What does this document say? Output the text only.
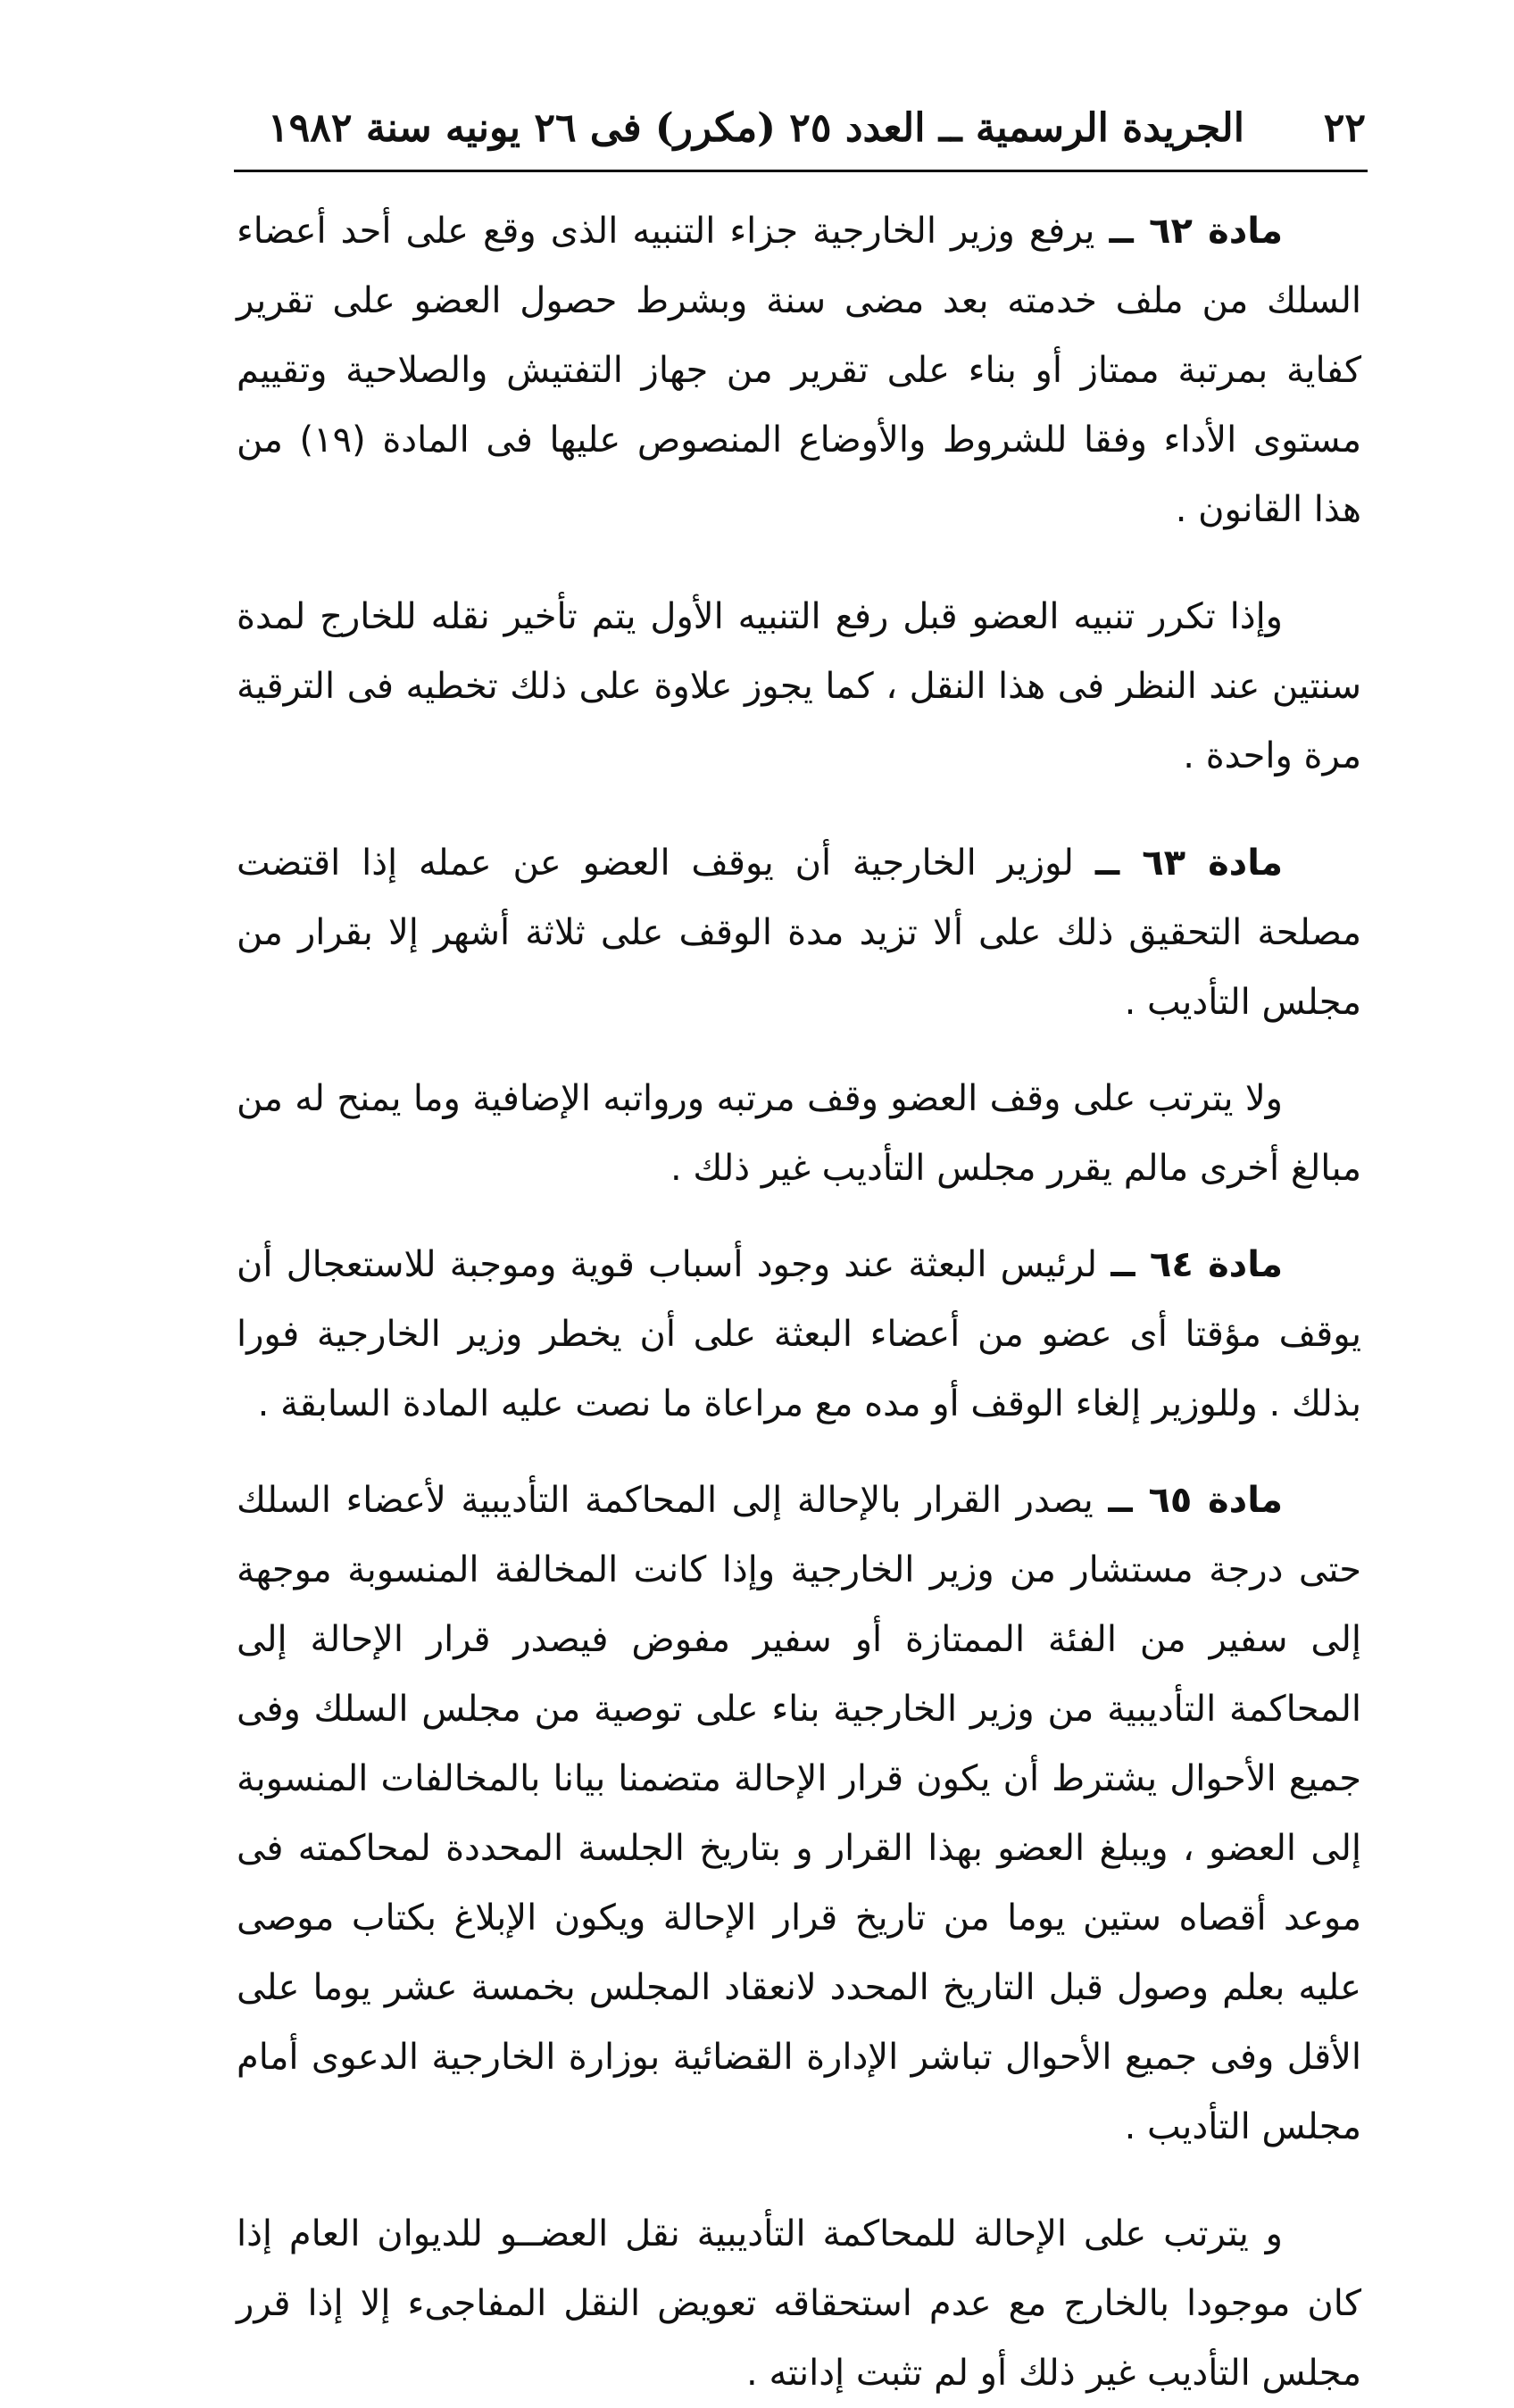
٢٢
الجريدة الرسمية ــ العدد ٢٥ (مكرر) فى ٢٦ يونيه سنة ١٩٨٢

مادة ٦٢ ــ يرفع وزير الخارجية جزاء التنبيه الذى وقع على أحد أعضاء السلك من ملف خدمته بعد مضى سنة وبشرط حصول العضو على تقرير كفاية بمرتبة ممتاز أو بناء على تقرير من جهاز التفتيش والصلاحية وتقييم مستوى الأداء وفقا للشروط والأوضاع المنصوص عليها فى المادة (١٩) من هذا القانون .

وإذا تكرر تنبيه العضو قبل رفع التنبيه الأول يتم تأخير نقله للخارج لمدة سنتين عند النظر فى هذا النقل ، كما يجوز علاوة على ذلك تخطيه فى الترقية مرة واحدة .

مادة ٦٣ ــ لوزير الخارجية أن يوقف العضو عن عمله إذا اقتضت مصلحة التحقيق ذلك على ألا تزيد مدة الوقف على ثلاثة أشهر إلا بقرار من مجلس التأديب .

ولا يترتب على وقف العضو وقف مرتبه ورواتبه الإضافية وما يمنح له من مبالغ أخرى مالم يقرر مجلس التأديب غير ذلك .

مادة ٦٤ ــ لرئيس البعثة عند وجود أسباب قوية وموجبة للاستعجال أن يوقف مؤقتا أى عضو من أعضاء البعثة على أن يخطر وزير الخارجية فورا بذلك . وللوزير إلغاء الوقف أو مده مع مراعاة ما نصت عليه المادة السابقة .

مادة ٦٥ ــ يصدر القرار بالإحالة إلى المحاكمة التأديبية لأعضاء السلك حتى درجة مستشار من وزير الخارجية وإذا كانت المخالفة المنسوبة موجهة إلى سفير من الفئة الممتازة أو سفير مفوض فيصدر قرار الإحالة إلى المحاكمة التأديبية من وزير الخارجية بناء على توصية من مجلس السلك وفى جميع الأحوال يشترط أن يكون قرار الإحالة متضمنا بيانا بالمخالفات المنسوبة إلى العضو ، ويبلغ العضو بهذا القرار و بتاريخ الجلسة المحددة لمحاكمته فى موعد أقصاه ستين يوما من تاريخ قرار الإحالة ويكون الإبلاغ بكتاب موصى عليه بعلم وصول قبل التاريخ المحدد لانعقاد المجلس بخمسة عشر يوما على الأقل وفى جميع الأحوال تباشر الإدارة القضائية بوزارة الخارجية الدعوى أمام مجلس التأديب .

و يترتب على الإحالة للمحاكمة التأديبية نقل العضــو للديوان العام إذا كان موجودا بالخارج مع عدم استحقاقه تعويض النقل المفاجىء إلا إذا قرر مجلس التأديب غير ذلك أو لم تثبت إدانته .
